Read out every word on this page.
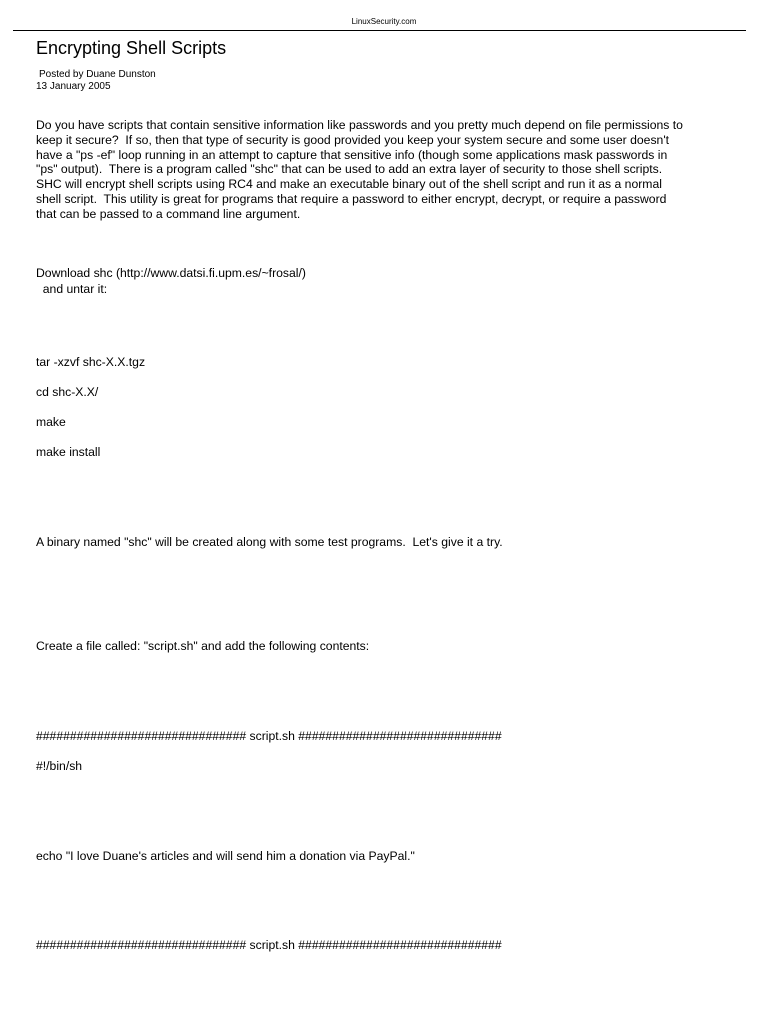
LinuxSecurity.com
Encrypting Shell Scripts
Posted by Duane Dunston
13 January 2005
Do you have scripts that contain sensitive information like passwords and you pretty much depend on file permissions to
keep it secure?  If so, then that type of security is good provided you keep your system secure and some user doesn't
have a "ps -ef" loop running in an attempt to capture that sensitive info (though some applications mask passwords in
"ps" output).  There is a program called "shc" that can be used to add an extra layer of security to those shell scripts.
SHC will encrypt shell scripts using RC4 and make an executable binary out of the shell script and run it as a normal
shell script.  This utility is great for programs that require a password to either encrypt, decrypt, or require a password
that can be passed to a command line argument.
Download shc (http://www.datsi.fi.upm.es/~frosal/)
and untar it:
tar -xzvf shc-X.X.tgz
cd shc-X.X/
make
make install
A binary named "shc" will be created along with some test programs.  Let's give it a try.
Create a file called: "script.sh" and add the following contents:
############################### script.sh ##############################
#!/bin/sh
echo "I love Duane's articles and will send him a donation via PayPal."
############################### script.sh ##############################
